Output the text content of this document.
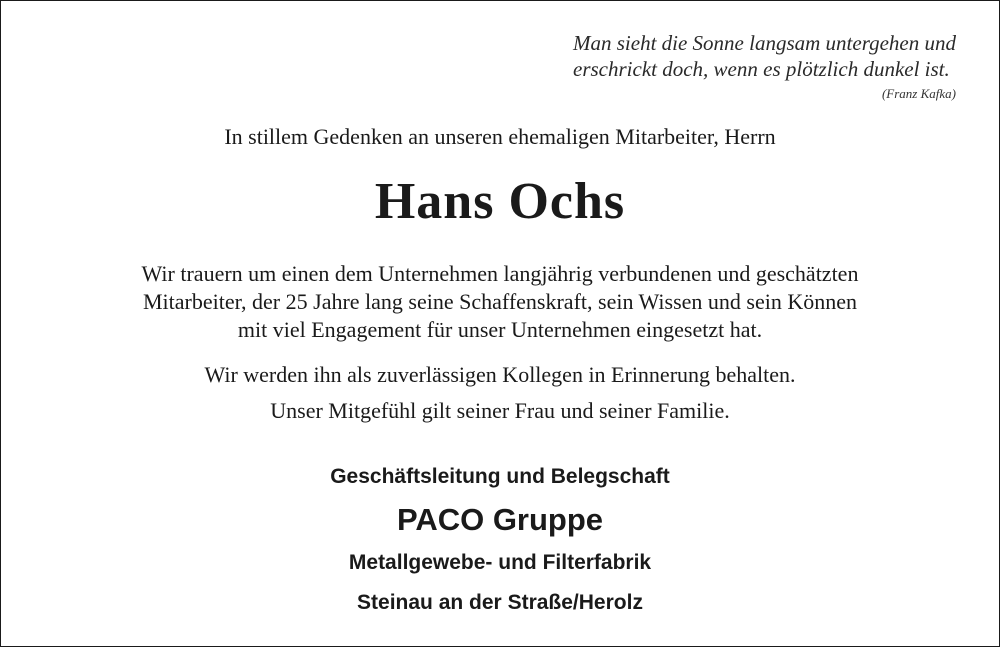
Man sieht die Sonne langsam untergehen und
erschrickt doch, wenn es plötzlich dunkel ist.
(Franz Kafka)
In stillem Gedenken an unseren ehemaligen Mitarbeiter, Herrn
Hans Ochs
Wir trauern um einen dem Unternehmen langjährig verbundenen und geschätzten
Mitarbeiter, der 25 Jahre lang seine Schaffenskraft, sein Wissen und sein Können
mit viel Engagement für unser Unternehmen eingesetzt hat.
Wir werden ihn als zuverlässigen Kollegen in Erinnerung behalten.
Unser Mitgefühl gilt seiner Frau und seiner Familie.
Geschäftsleitung und Belegschaft
PACO Gruppe
Metallgewebe- und Filterfabrik
Steinau an der Straße/Herolz
